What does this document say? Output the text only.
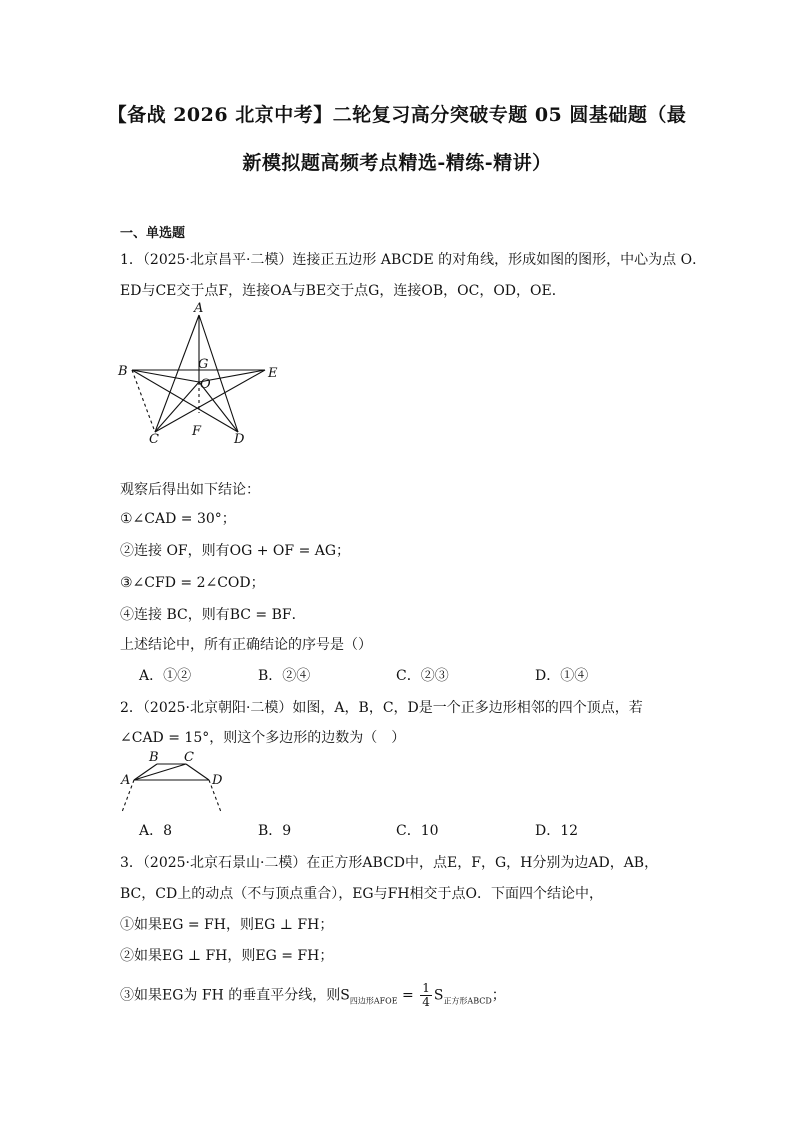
【备战 2026 北京中考】二轮复习高分突破专题 05 圆基础题（最
新模拟题高频考点精选-精练-精讲）
一、单选题
1．（2025·北京昌平·二模）连接正五边形 ABCDE 的对角线，形成如图的图形，中心为点 O．
ED与CE交于点F，连接OA与BE交于点G，连接OB，OC，OD，OE．
A
B
C	D
E
F
G
O
观察后得出如下结论：
①∠CAD = 30°；
②连接 OF，则有OG + OF = AG；
③∠CFD = 2∠COD；
④连接 BC，则有BC = BF．
上述结论中，所有正确结论的序号是（）
A．①②	B．②④	C．②③	D．①④
2．（2025·北京朝阳·二模）如图，A，B，C，D是一个正多边形相邻的四个顶点，若
∠CAD = 15°，则这个多边形的边数为（　）
A
B C
D
A．8	B．9	C．10	D．12
3．（2025·北京石景山·二模）在正方形ABCD中，点E，F，G，H分别为边AD，AB，
BC，CD上的动点（不与顶点重合），EG与FH相交于点O．下面四个结论中，
①如果EG = FH，则EG ⊥ FH；
②如果EG ⊥ FH，则EG = FH；
③如果EG为 FH 的垂直平分线，则$S_{四边形AFOE} = \frac{1}{4} S_{正方形ABCD}$；
